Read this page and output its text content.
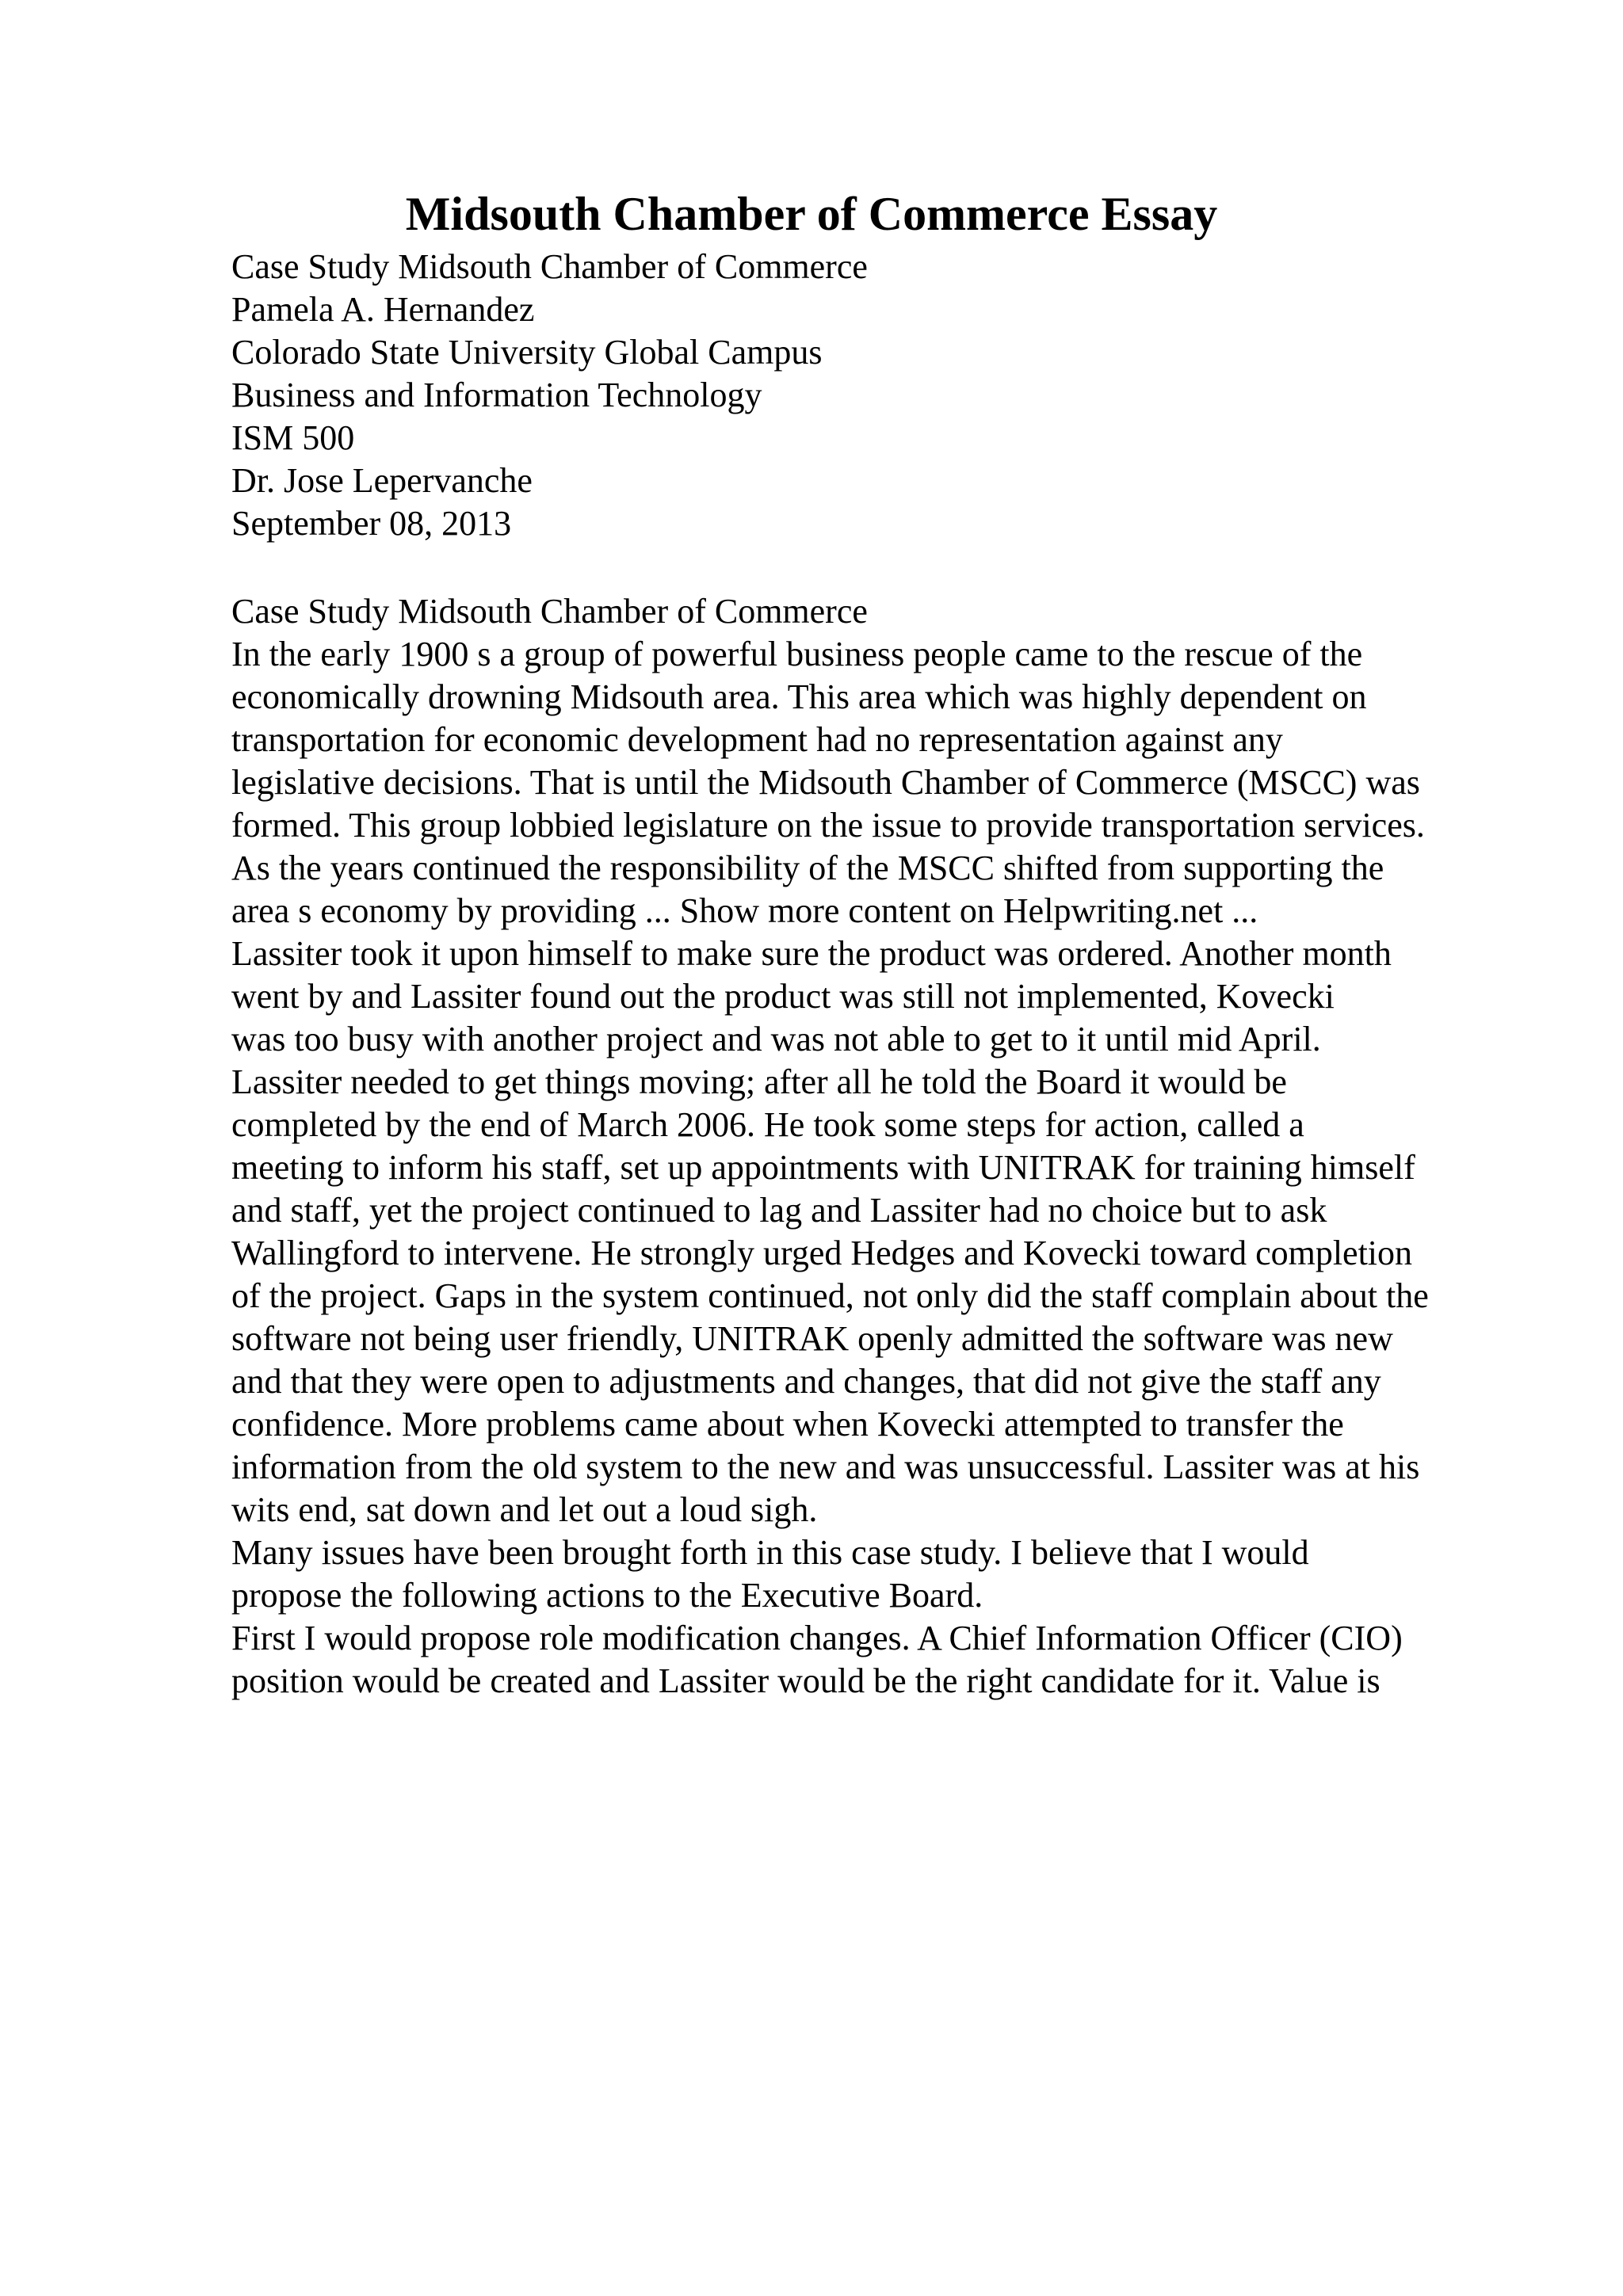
Midsouth Chamber of Commerce Essay
Case Study Midsouth Chamber of Commerce
Pamela A. Hernandez
Colorado State University Global Campus
Business and Information Technology
ISM 500
Dr. Jose Lepervanche
September 08, 2013
Case Study Midsouth Chamber of Commerce
In the early 1900 s a group of powerful business people came to the rescue of the
economically drowning Midsouth area. This area which was highly dependent on
transportation for economic development had no representation against any
legislative decisions. That is until the Midsouth Chamber of Commerce (MSCC) was
formed. This group lobbied legislature on the issue to provide transportation services.
As the years continued the responsibility of the MSCC shifted from supporting the
area s economy by providing ... Show more content on Helpwriting.net ...
Lassiter took it upon himself to make sure the product was ordered. Another month
went by and Lassiter found out the product was still not implemented, Kovecki
was too busy with another project and was not able to get to it until mid April.
Lassiter needed to get things moving; after all he told the Board it would be
completed by the end of March 2006. He took some steps for action, called a
meeting to inform his staff, set up appointments with UNITRAK for training himself
and staff, yet the project continued to lag and Lassiter had no choice but to ask
Wallingford to intervene. He strongly urged Hedges and Kovecki toward completion
of the project. Gaps in the system continued, not only did the staff complain about the
software not being user friendly, UNITRAK openly admitted the software was new
and that they were open to adjustments and changes, that did not give the staff any
confidence. More problems came about when Kovecki attempted to transfer the
information from the old system to the new and was unsuccessful. Lassiter was at his
wits end, sat down and let out a loud sigh.
Many issues have been brought forth in this case study. I believe that I would
propose the following actions to the Executive Board.
First I would propose role modification changes. A Chief Information Officer (CIO)
position would be created and Lassiter would be the right candidate for it. Value is
